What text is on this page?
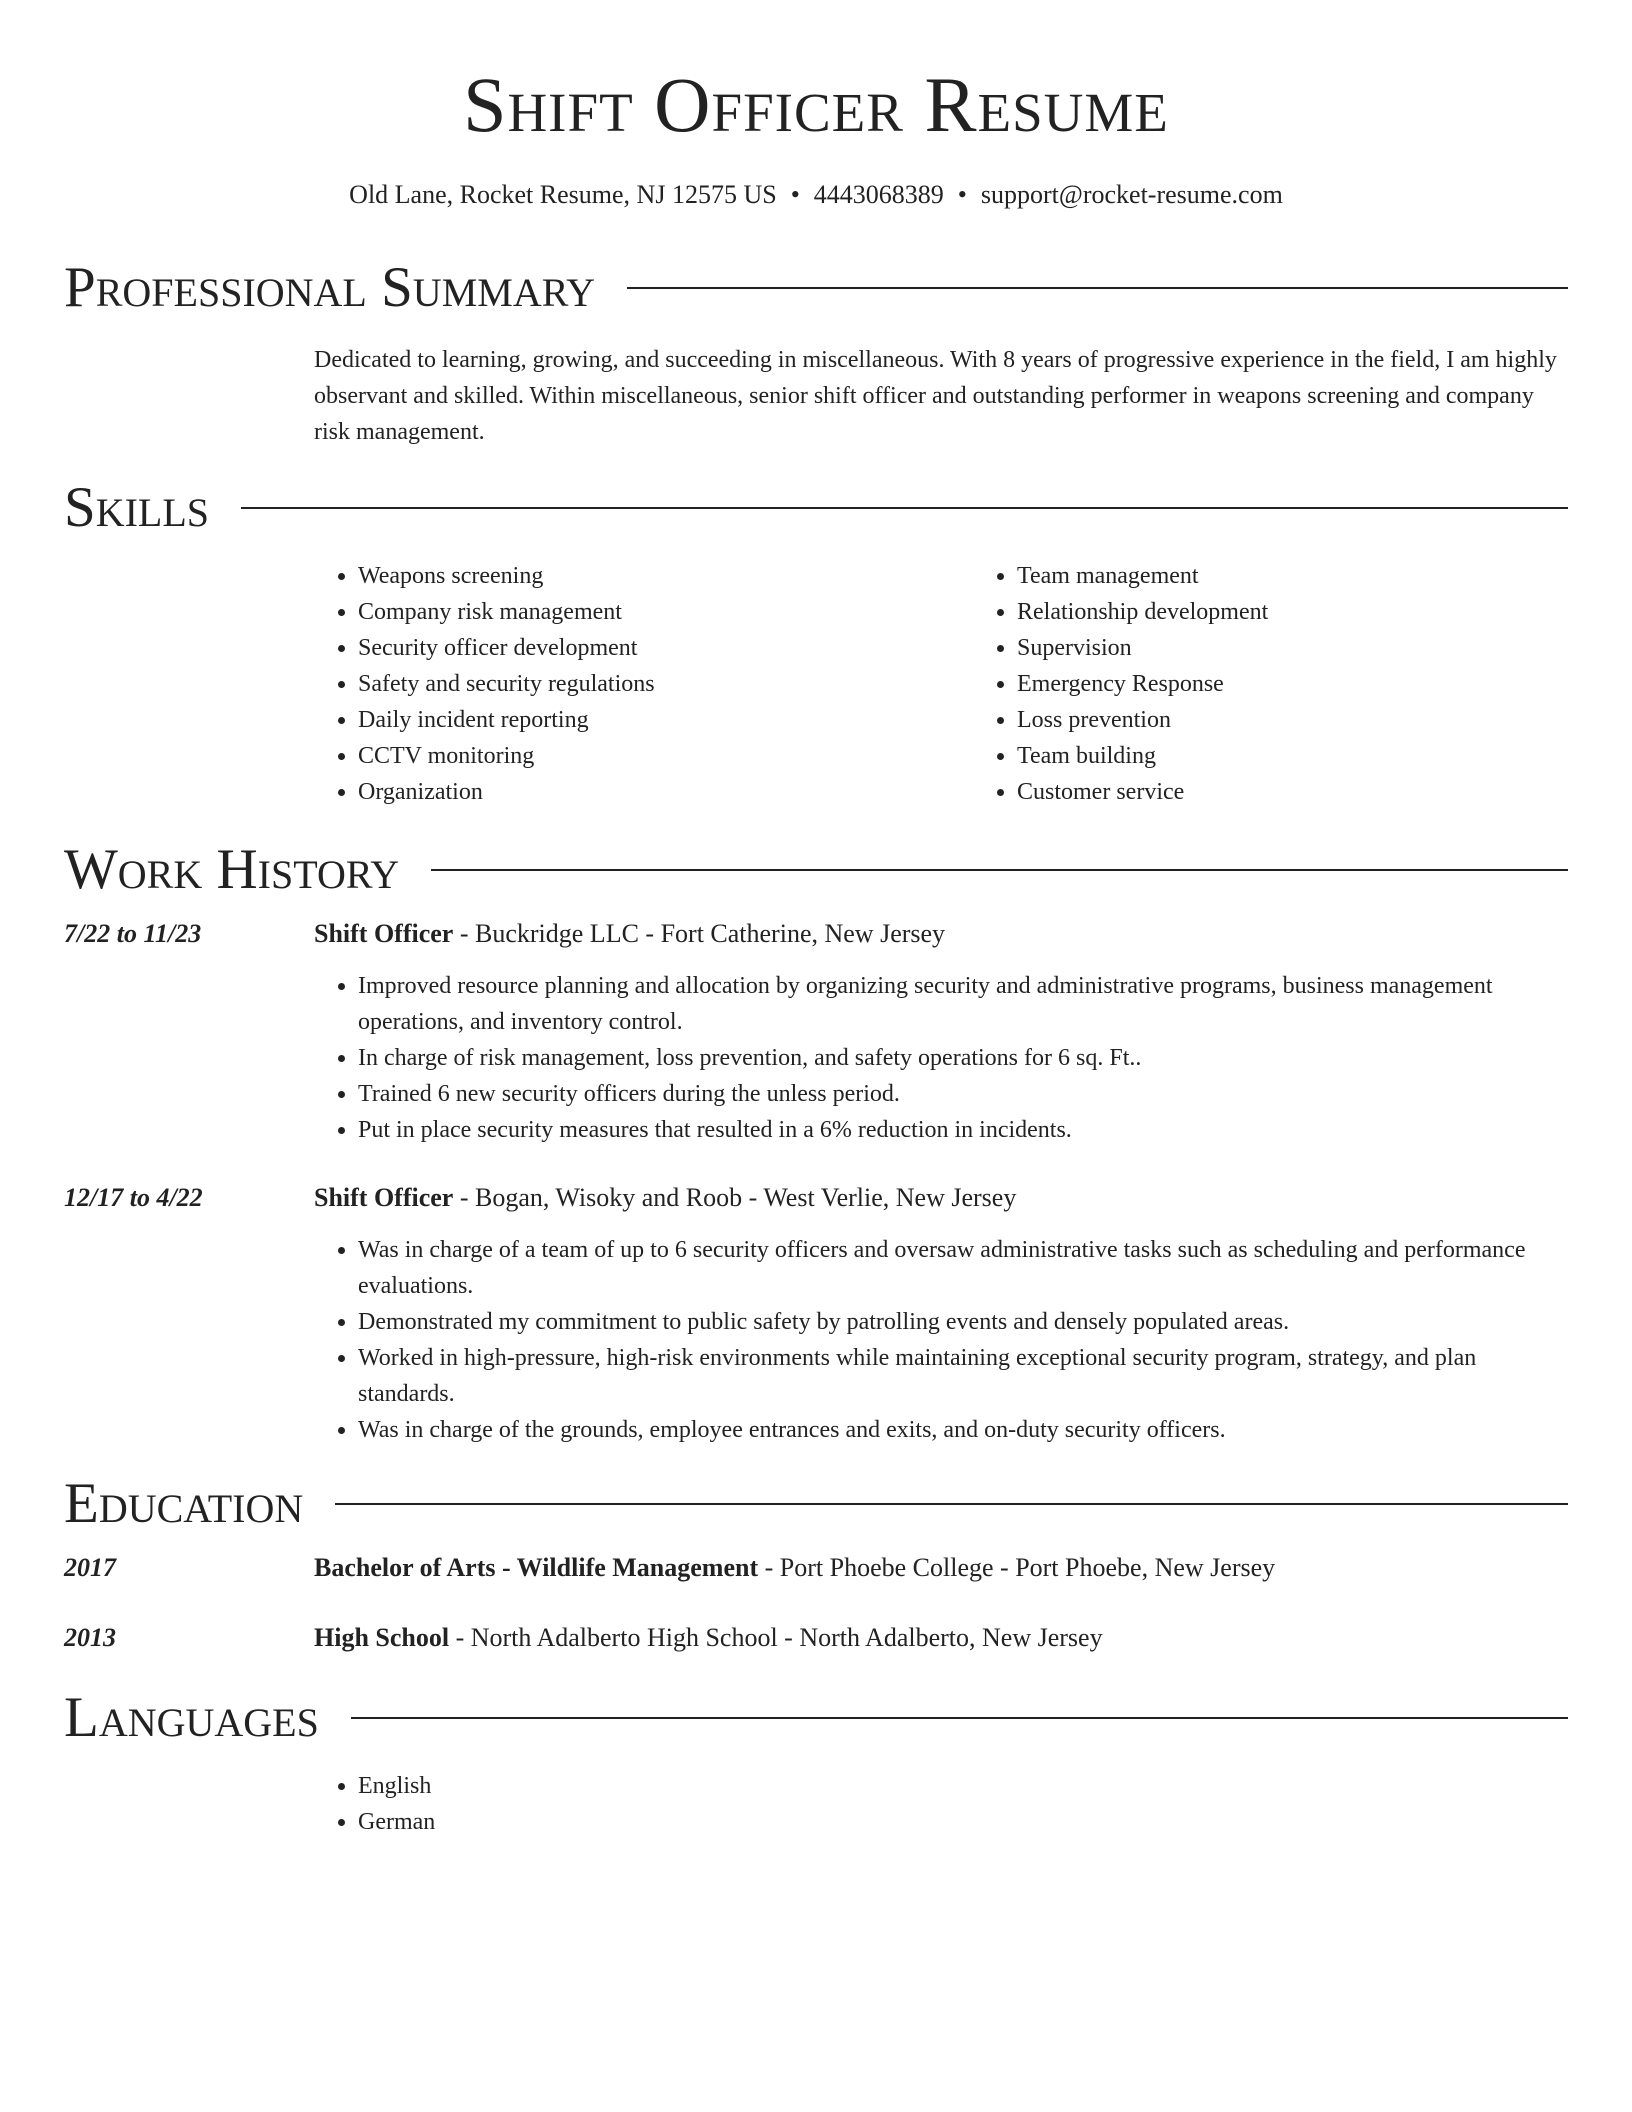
Shift Officer Resume
Old Lane, Rocket Resume, NJ 12575 US • 4443068389 • support@rocket-resume.com
Professional Summary
Dedicated to learning, growing, and succeeding in miscellaneous. With 8 years of progressive experience in the field, I am highly observant and skilled. Within miscellaneous, senior shift officer and outstanding performer in weapons screening and company risk management.
Skills
• Weapons screening
• Company risk management
• Security officer development
• Safety and security regulations
• Daily incident reporting
• CCTV monitoring
• Organization
• Team management
• Relationship development
• Supervision
• Emergency Response
• Loss prevention
• Team building
• Customer service
Work History
7/22 to 11/23	Shift Officer - Buckridge LLC - Fort Catherine, New Jersey
• Improved resource planning and allocation by organizing security and administrative programs, business management operations, and inventory control.
• In charge of risk management, loss prevention, and safety operations for 6 sq. Ft..
• Trained 6 new security officers during the unless period.
• Put in place security measures that resulted in a 6% reduction in incidents.
12/17 to 4/22	Shift Officer - Bogan, Wisoky and Roob - West Verlie, New Jersey
• Was in charge of a team of up to 6 security officers and oversaw administrative tasks such as scheduling and performance evaluations.
• Demonstrated my commitment to public safety by patrolling events and densely populated areas.
• Worked in high-pressure, high-risk environments while maintaining exceptional security program, strategy, and plan standards.
• Was in charge of the grounds, employee entrances and exits, and on-duty security officers.
Education
2017	Bachelor of Arts - Wildlife Management - Port Phoebe College - Port Phoebe, New Jersey
2013	High School - North Adalberto High School - North Adalberto, New Jersey
Languages
• English
• German
